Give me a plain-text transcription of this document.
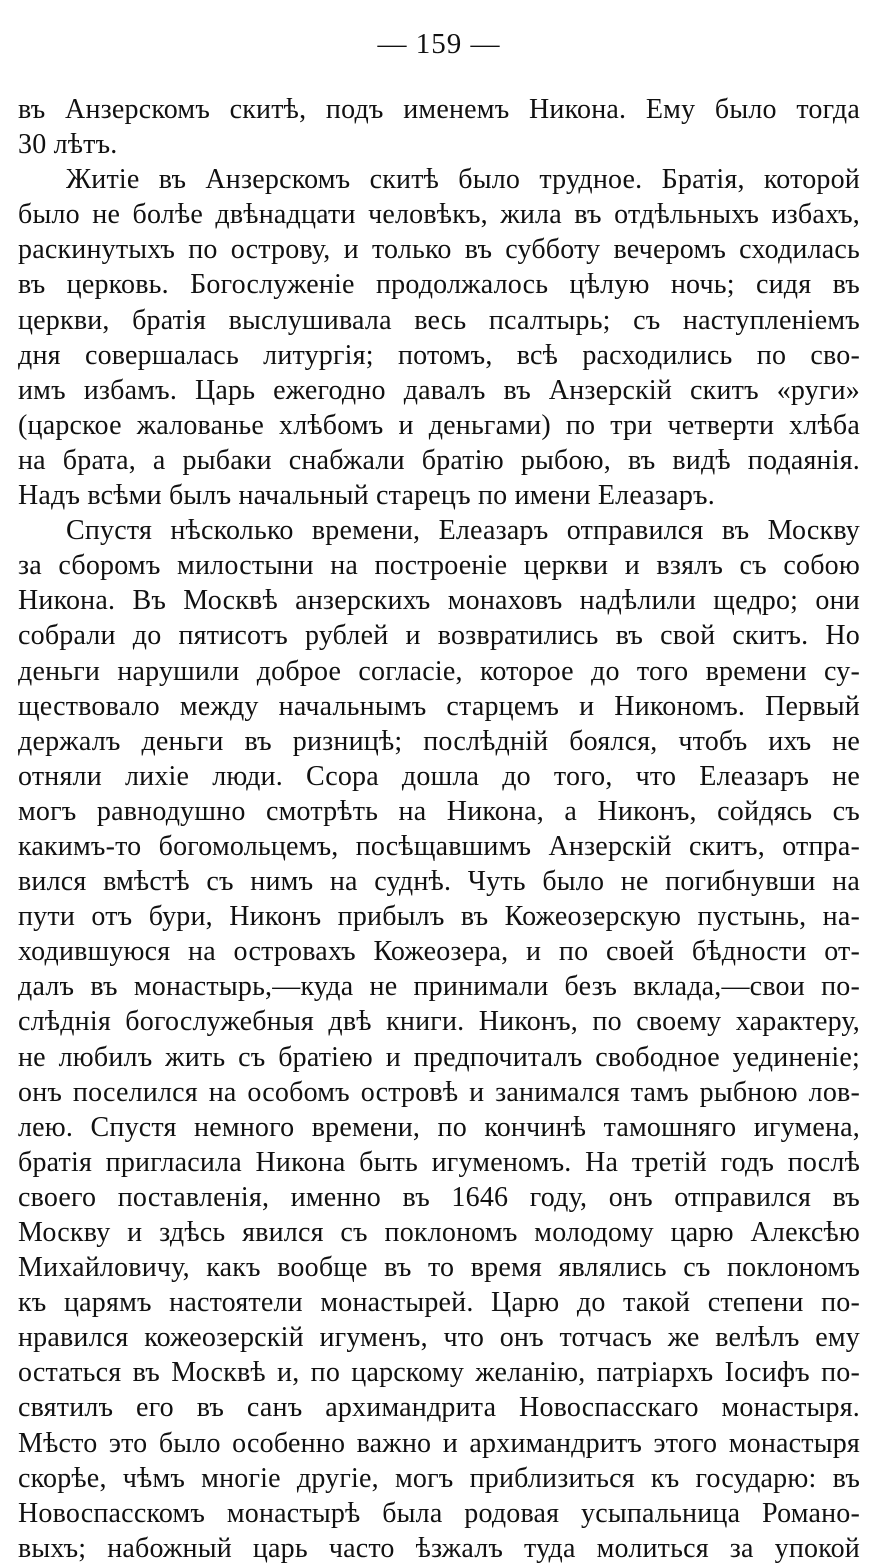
— 159 —
въ Анзерскомъ скитѣ, подъ именемъ Никона. Ему было тогда
30 лѣтъ.
Житіе въ Анзерскомъ скитѣ было трудное. Братія, которой
было не болѣе двѣнадцати человѣкъ, жила въ отдѣльныхъ избахъ,
раскинутыхъ по острову, и только въ субботу вечеромъ сходилась
въ церковь. Богослуженіе продолжалось цѣлую ночь; сидя въ
церкви, братія выслушивала весь псалтырь; съ наступленіемъ
дня совершалась литургія; потомъ, всѣ расходились по сво-
имъ избамъ. Царь ежегодно давалъ въ Анзерскій скитъ «руги»
(царское жалованье хлѣбомъ и деньгами) по три четверти хлѣба
на брата, а рыбаки снабжали братію рыбою, въ видѣ подаянія.
Надъ всѣми былъ начальный старецъ по имени Елеазаръ.
Спустя нѣсколько времени, Елеазаръ отправился въ Москву
за сборомъ милостыни на построеніе церкви и взялъ съ собою
Никона. Въ Москвѣ анзерскихъ монаховъ надѣлили щедро; они
собрали до пятисотъ рублей и возвратились въ свой скитъ. Но
деньги нарушили доброе согласіе, которое до того времени су-
ществовало между начальнымъ старцемъ и Никономъ. Первый
держалъ деньги въ ризницѣ; послѣдній боялся, чтобъ ихъ не
отняли лихіе люди. Ссора дошла до того, что Елеазаръ не
могъ равнодушно смотрѣть на Никона, а Никонъ, сойдясь съ
какимъ-то богомольцемъ, посѣщавшимъ Анзерскій скитъ, отпра-
вился вмѣстѣ съ нимъ на суднѣ. Чуть было не погибнувши на
пути отъ бури, Никонъ прибылъ въ Кожеозерскую пустынь, на-
ходившуюся на островахъ Кожеозера, и по своей бѣдности от-
далъ въ монастырь,—куда не принимали безъ вклада,—свои по-
слѣднія богослужебныя двѣ книги. Никонъ, по своему характеру,
не любилъ жить съ братіею и предпочиталъ свободное уединеніе;
онъ поселился на особомъ островѣ и занимался тамъ рыбною лов-
лею. Спустя немного времени, по кончинѣ тамошняго игумена,
братія пригласила Никона быть игуменомъ. На третій годъ послѣ
своего поставленія, именно въ 1646 году, онъ отправился въ
Москву и здѣсь явился съ поклономъ молодому царю Алексѣю
Михайловичу, какъ вообще въ то время являлись съ поклономъ
къ царямъ настоятели монастырей. Царю до такой степени по-
нравился кожеозерскій игуменъ, что онъ тотчасъ же велѣлъ ему
остаться въ Москвѣ и, по царскому желанію, патріархъ Іосифъ по-
святилъ его въ санъ архимандрита Новоспасскаго монастыря.
Мѣсто это было особенно важно и архимандритъ этого монастыря
скорѣе, чѣмъ многіе другіе, могъ приблизиться къ государю: въ
Новоспасскомъ монастырѣ была родовая усыпальница Романо-
выхъ; набожный царь часто ѣзжалъ туда молиться за упокой
